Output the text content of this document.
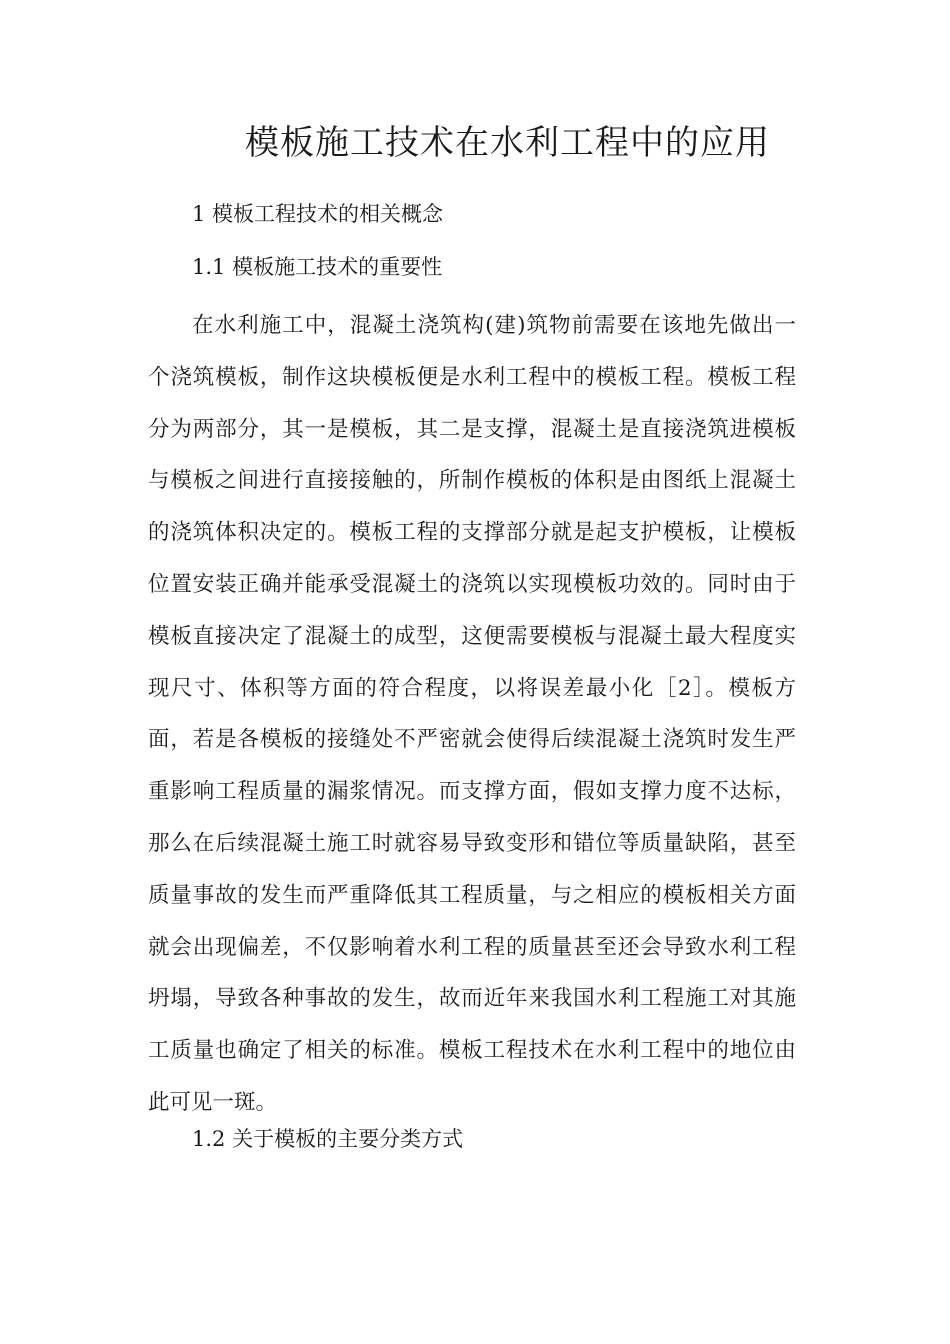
模板施工技术在水利工程中的应用

1 模板工程技术的相关概念

1.1 模板施工技术的重要性

在水利施工中，混凝土浇筑构(建)筑物前需要在该地先做出一
个浇筑模板，制作这块模板便是水利工程中的模板工程。模板工程
分为两部分，其一是模板，其二是支撑，混凝土是直接浇筑进模板
与模板之间进行直接接触的，所制作模板的体积是由图纸上混凝土
的浇筑体积决定的。模板工程的支撑部分就是起支护模板，让模板
位置安装正确并能承受混凝土的浇筑以实现模板功效的。同时由于
模板直接决定了混凝土的成型，这便需要模板与混凝土最大程度实
现尺寸、体积等方面的符合程度，以将误差最小化［2］。模板方
面，若是各模板的接缝处不严密就会使得后续混凝土浇筑时发生严
重影响工程质量的漏浆情况。而支撑方面，假如支撑力度不达标，
那么在后续混凝土施工时就容易导致变形和错位等质量缺陷，甚至
质量事故的发生而严重降低其工程质量，与之相应的模板相关方面
就会出现偏差，不仅影响着水利工程的质量甚至还会导致水利工程
坍塌，导致各种事故的发生，故而近年来我国水利工程施工对其施
工质量也确定了相关的标准。模板工程技术在水利工程中的地位由
此可见一斑。

1.2 关于模板的主要分类方式
